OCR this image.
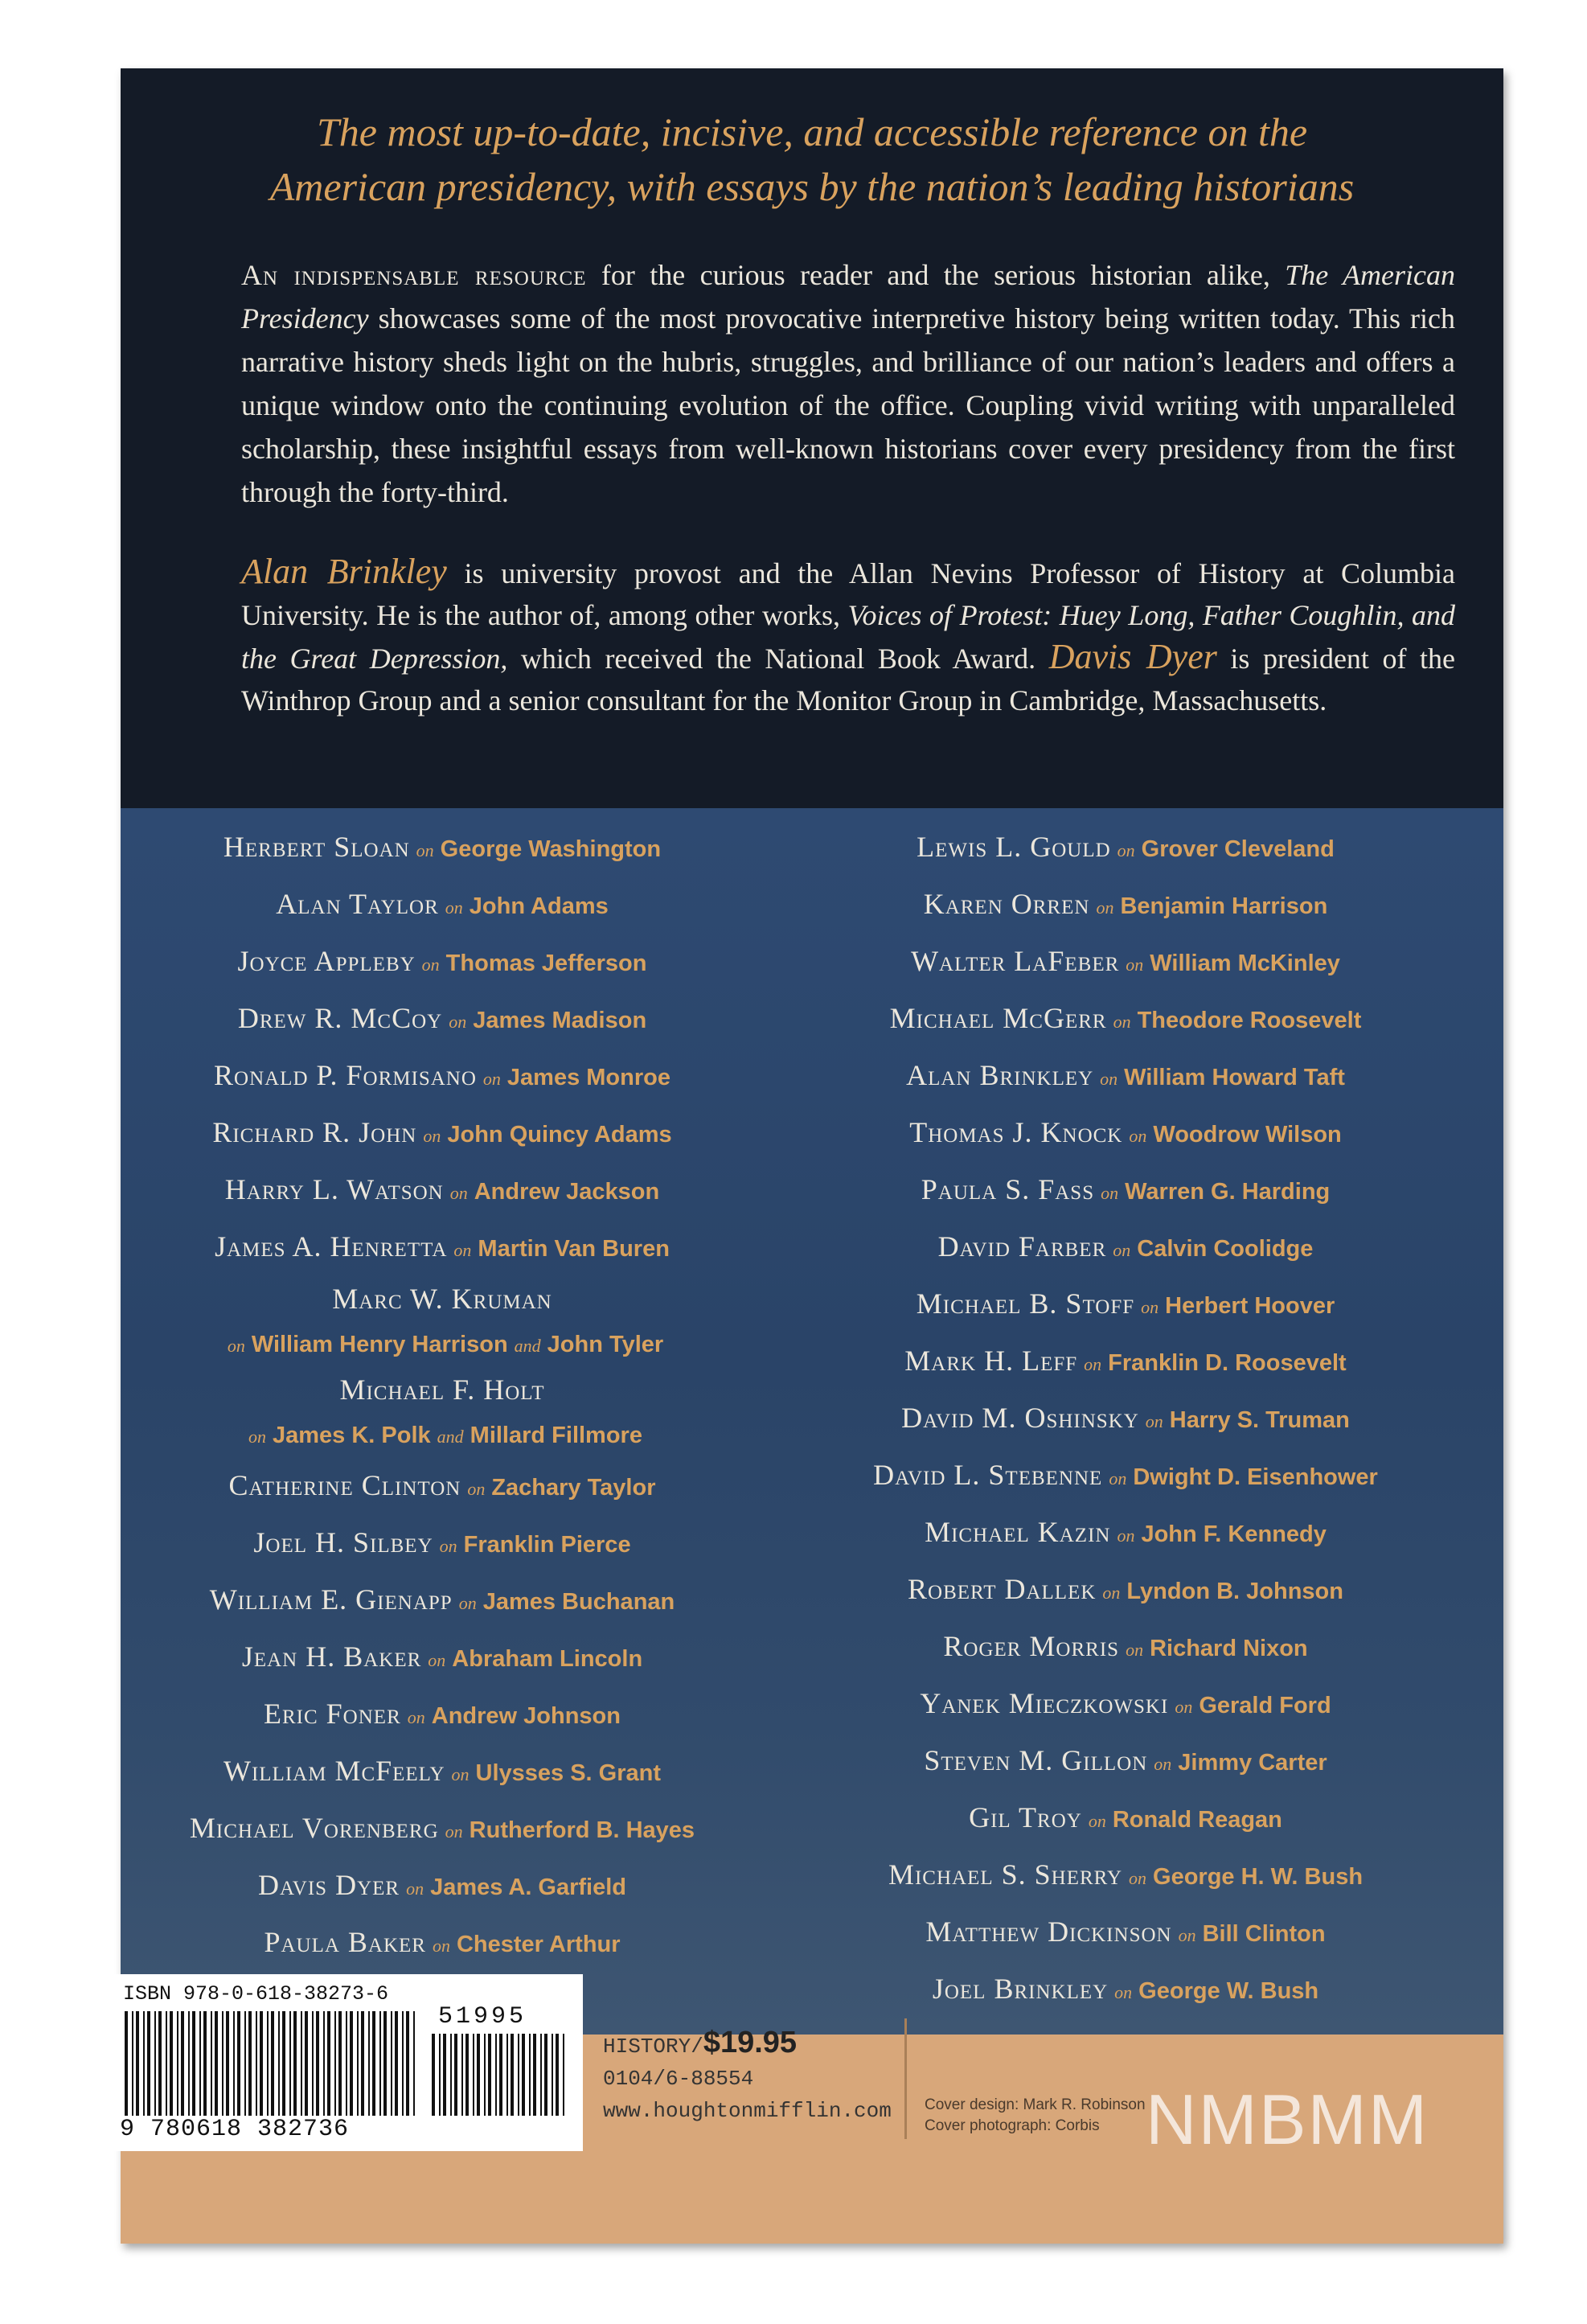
The most up-to-date, incisive, and accessible reference on the
American presidency, with essays by the nation’s leading historians
An indispensable resource for the curious reader and the serious historian alike, The American Presidency showcases some of the most provocative interpretive history being written today. This rich narrative history sheds light on the hubris, struggles, and brilliance of our nation’s leaders and offers a unique window onto the continuing evolution of the office. Coupling vivid writing with unparalleled scholarship, these insightful essays from well-known historians cover every presidency from the first through the forty-third.
Alan Brinkley is university provost and the Allan Nevins Professor of History at Columbia University. He is the author of, among other works, Voices of Protest: Huey Long, Father Coughlin, and the Great Depression, which received the National Book Award. Davis Dyer is president of the Winthrop Group and a senior consultant for the Monitor Group in Cambridge, Massachusetts.
Herbert Sloan on George Washington
Alan Taylor on John Adams
Joyce Appleby on Thomas Jefferson
Drew R. McCoy on James Madison
Ronald P. Formisano on James Monroe
Richard R. John on John Quincy Adams
Harry L. Watson on Andrew Jackson
James A. Henretta on Martin Van Buren
Marc W. Kruman
on William Henry Harrison and John Tyler
Michael F. Holt
on James K. Polk and Millard Fillmore
Catherine Clinton on Zachary Taylor
Joel H. Silbey on Franklin Pierce
William E. Gienapp on James Buchanan
Jean H. Baker on Abraham Lincoln
Eric Foner on Andrew Johnson
William McFeely on Ulysses S. Grant
Michael Vorenberg on Rutherford B. Hayes
Davis Dyer on James A. Garfield
Paula Baker on Chester Arthur
Lewis L. Gould on Grover Cleveland
Karen Orren on Benjamin Harrison
Walter LaFeber on William McKinley
Michael McGerr on Theodore Roosevelt
Alan Brinkley on William Howard Taft
Thomas J. Knock on Woodrow Wilson
Paula S. Fass on Warren G. Harding
David Farber on Calvin Coolidge
Michael B. Stoff on Herbert Hoover
Mark H. Leff on Franklin D. Roosevelt
David M. Oshinsky on Harry S. Truman
David L. Stebenne on Dwight D. Eisenhower
Michael Kazin on John F. Kennedy
Robert Dallek on Lyndon B. Johnson
Roger Morris on Richard Nixon
Yanek Mieczkowski on Gerald Ford
Steven M. Gillon on Jimmy Carter
Gil Troy on Ronald Reagan
Michael S. Sherry on George H. W. Bush
Matthew Dickinson on Bill Clinton
Joel Brinkley on George W. Bush
ISBN 978-0-618-38273-6
51995
9 780618 382736
HISTORY/$19.95
0104/6-88554
www.houghtonmifflin.com Cover design: Mark R. Robinson
Cover photograph: Corbis NMBMM
